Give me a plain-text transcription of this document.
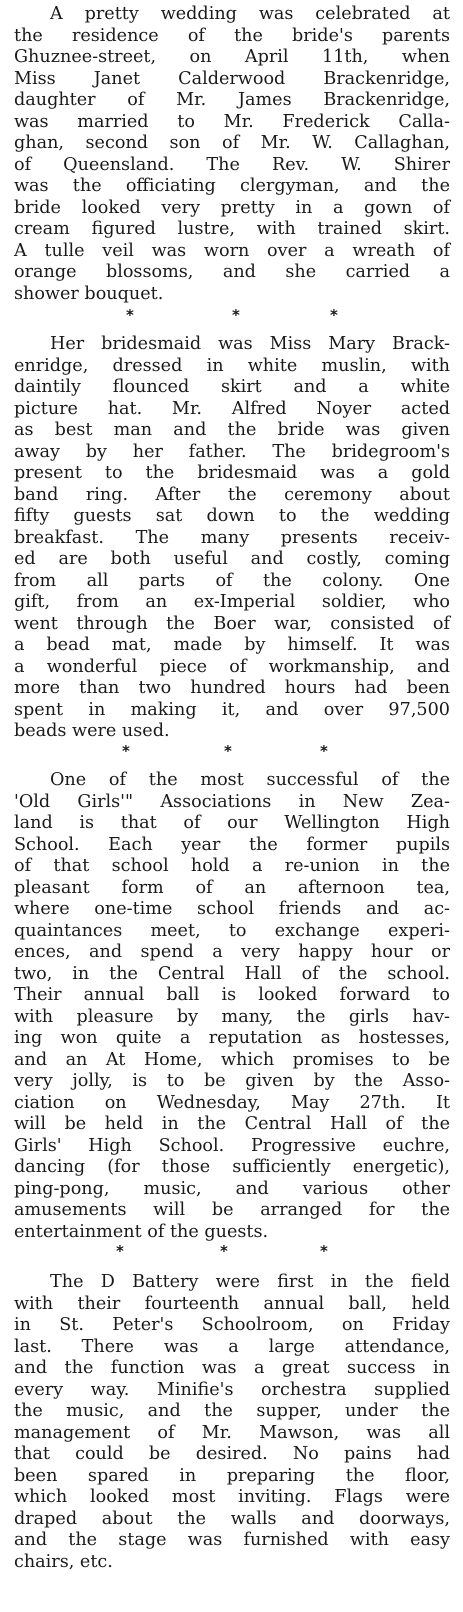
A pretty wedding was celebrated at
the residence of the bride's parents
Ghuznee-street, on April 11th, when
Miss Janet Calderwood Brackenridge,
daughter of Mr. James Brackenridge,
was married to Mr. Frederick Calla-
ghan, second son of Mr. W. Callaghan,
of Queensland. The Rev. W. Shirer
was the officiating clergyman, and the
bride looked very pretty in a gown of
cream figured lustre, with trained skirt.
A tulle veil was worn over a wreath of
orange blossoms, and she carried a
shower bouquet.
*	*	*
Her bridesmaid was Miss Mary Brack-
enridge, dressed in white muslin, with
daintily flounced skirt and a white
picture hat. Mr. Alfred Noyer acted
as best man and the bride was given
away by her father. The bridegroom's
present to the bridesmaid was a gold
band ring. After the ceremony about
fifty guests sat down to the wedding
breakfast. The many presents receiv-
ed are both useful and costly, coming
from all parts of the colony. One
gift, from an ex-Imperial soldier, who
went through the Boer war, consisted of
a bead mat, made by himself. It was
a wonderful piece of workmanship, and
more than two hundred hours had been
spent in making it, and over 97,500
beads were used.
*	*	*
One of the most successful of the
'Old Girls'" Associations in New Zea-
land is that of our Wellington High
School. Each year the former pupils
of that school hold a re-union in the
pleasant form of an afternoon tea,
where one-time school friends and ac-
quaintances meet, to exchange experi-
ences, and spend a very happy hour or
two, in the Central Hall of the school.
Their annual ball is looked forward to
with pleasure by many, the girls hav-
ing won quite a reputation as hostesses,
and an At Home, which promises to be
very jolly, is to be given by the Asso-
ciation on Wednesday, May 27th. It
will be held in the Central Hall of the
Girls' High School. Progressive euchre,
dancing (for those sufficiently energetic),
ping-pong, music, and various other
amusements will be arranged for the
entertainment of the guests.
*	*	*
The D Battery were first in the field
with their fourteenth annual ball, held
in St. Peter's Schoolroom, on Friday
last. There was a large attendance,
and the function was a great success in
every way. Minifie's orchestra supplied
the music, and the supper, under the
management of Mr. Mawson, was all
that could be desired. No pains had
been spared in preparing the floor,
which looked most inviting. Flags were
draped about the walls and doorways,
and the stage was furnished with easy
chairs, etc.
